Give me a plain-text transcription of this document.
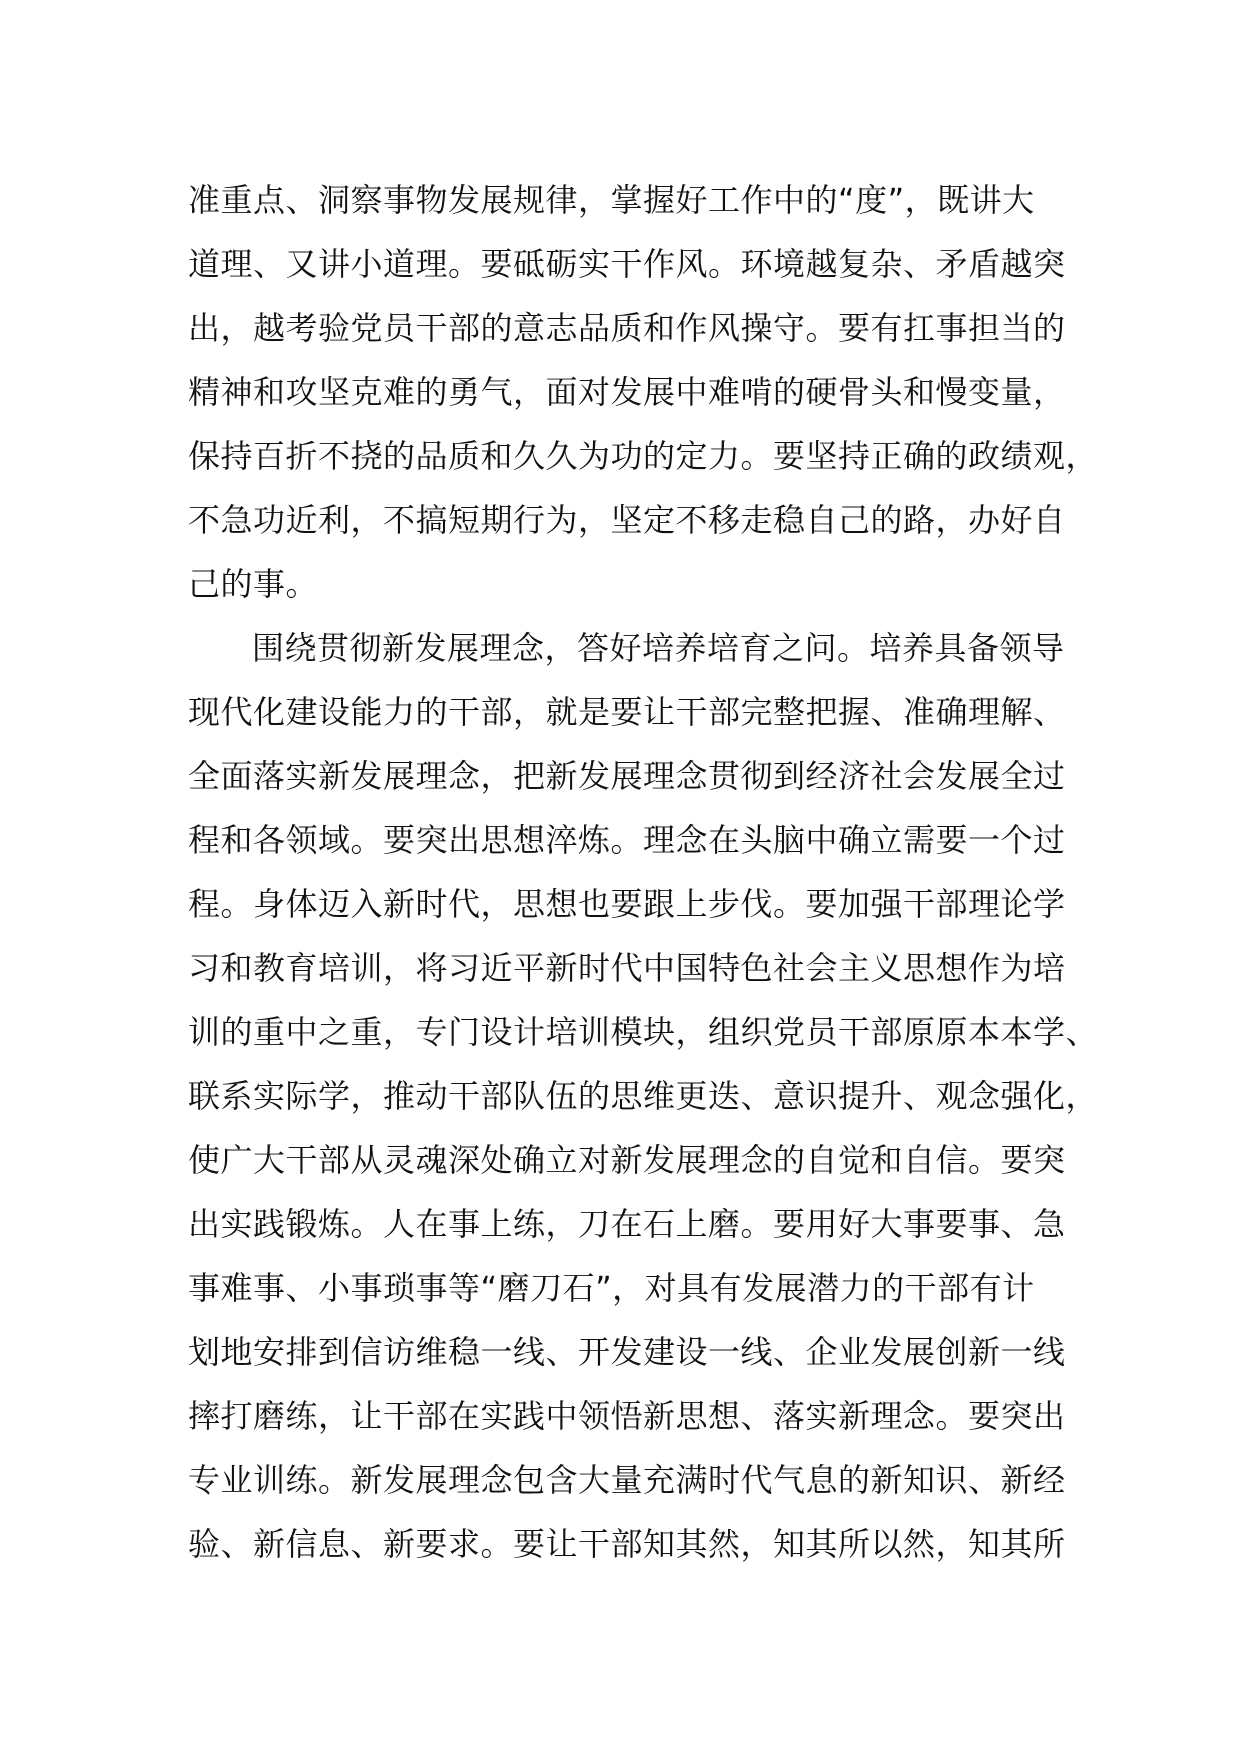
准重点、洞察事物发展规律，掌握好工作中的“度”，既讲大
道理、又讲小道理。要砥砺实干作风。环境越复杂、矛盾越突
出，越考验党员干部的意志品质和作风操守。要有扛事担当的
精神和攻坚克难的勇气，面对发展中难啃的硬骨头和慢变量，
保持百折不挠的品质和久久为功的定力。要坚持正确的政绩观，
不急功近利，不搞短期行为，坚定不移走稳自己的路，办好自
己的事。
围绕贯彻新发展理念，答好培养培育之问。培养具备领导
现代化建设能力的干部，就是要让干部完整把握、准确理解、
全面落实新发展理念，把新发展理念贯彻到经济社会发展全过
程和各领域。要突出思想淬炼。理念在头脑中确立需要一个过
程。身体迈入新时代，思想也要跟上步伐。要加强干部理论学
习和教育培训，将习近平新时代中国特色社会主义思想作为培
训的重中之重，专门设计培训模块，组织党员干部原原本本学、
联系实际学，推动干部队伍的思维更迭、意识提升、观念强化，
使广大干部从灵魂深处确立对新发展理念的自觉和自信。要突
出实践锻炼。人在事上练，刀在石上磨。要用好大事要事、急
事难事、小事琐事等“磨刀石”，对具有发展潜力的干部有计
划地安排到信访维稳一线、开发建设一线、企业发展创新一线
摔打磨练，让干部在实践中领悟新思想、落实新理念。要突出
专业训练。新发展理念包含大量充满时代气息的新知识、新经
验、新信息、新要求。要让干部知其然，知其所以然，知其所
